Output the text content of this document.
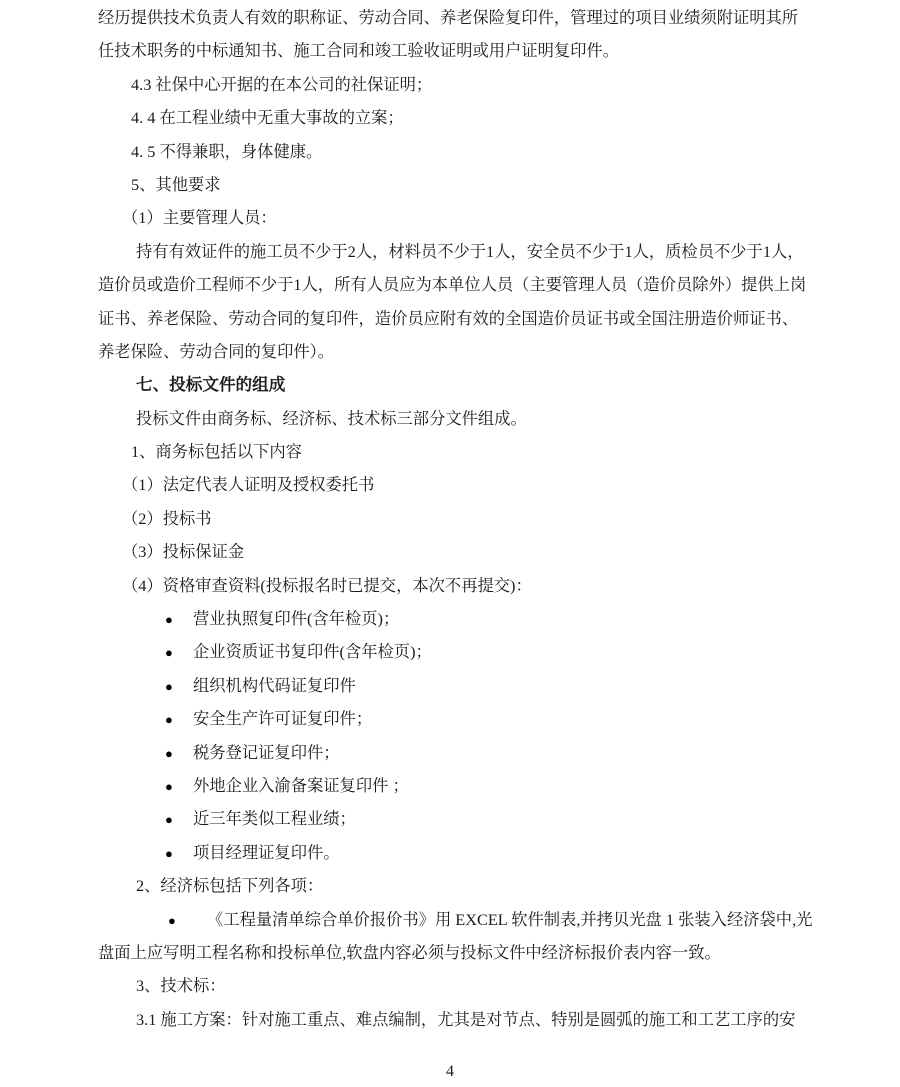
经历提供技术负责人有效的职称证、劳动合同、养老保险复印件，管理过的项目业绩须附证明其所
任技术职务的中标通知书、施工合同和竣工验收证明或用户证明复印件。
4.3 社保中心开据的在本公司的社保证明；
4. 4 在工程业绩中无重大事故的立案；
4. 5 不得兼职，身体健康。
5、其他要求
（1）主要管理人员：
持有有效证件的施工员不少于2人，材料员不少于1人，安全员不少于1人，质检员不少于1人，
造价员或造价工程师不少于1人，所有人员应为本单位人员（主要管理人员（造价员除外）提供上岗
证书、养老保险、劳动合同的复印件，造价员应附有效的全国造价员证书或全国注册造价师证书、
养老保险、劳动合同的复印件）。
七、投标文件的组成
投标文件由商务标、经济标、技术标三部分文件组成。
1、商务标包括以下内容
（1）法定代表人证明及授权委托书
（2）投标书
（3）投标保证金
（4）资格审查资料(投标报名时已提交，本次不再提交)：
● 营业执照复印件(含年检页)；
● 企业资质证书复印件(含年检页)；
● 组织机构代码证复印件
● 安全生产许可证复印件；
● 税务登记证复印件；
● 外地企业入渝备案证复印件 ；
● 近三年类似工程业绩；
● 项目经理证复印件。
2、经济标包括下列各项：
● 《工程量清单综合单价报价书》用 EXCEL 软件制表,并拷贝光盘 1 张装入经济袋中,光
盘面上应写明工程名称和投标单位,软盘内容必须与投标文件中经济标报价表内容一致。
3、技术标：
3.1 施工方案：针对施工重点、难点编制，尤其是对节点、特别是圆弧的施工和工艺工序的安
4
